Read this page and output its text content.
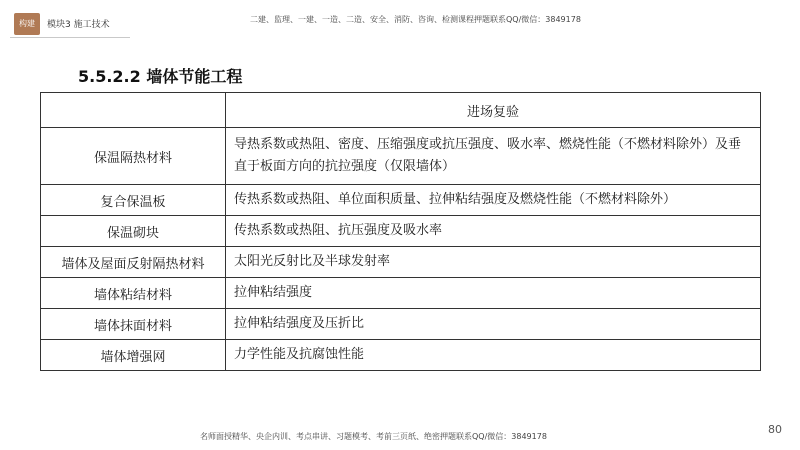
构建	模块3 施工技术
二建、监理、一建、一造、二造、安全、消防、咨询、检测课程押题联系QQ/微信：3849178
5.5.2.2 墙体节能工程
	进场复验
保温隔热材料	导热系数或热阻、密度、压缩强度或抗压强度、吸水率、燃烧性能（不燃材料除外）及垂直于板面方向的抗拉强度（仅限墙体）
复合保温板	传热系数或热阻、单位面积质量、拉伸粘结强度及燃烧性能（不燃材料除外）
保温砌块	传热系数或热阻、抗压强度及吸水率
墙体及屋面反射隔热材料	太阳光反射比及半球发射率
墙体粘结材料	拉伸粘结强度
墙体抹面材料	拉伸粘结强度及压折比
墙体增强网	力学性能及抗腐蚀性能
名师面授精华、央企内训、考点串讲、习题模考、考前三页纸、绝密押题联系QQ/微信：3849178
80
